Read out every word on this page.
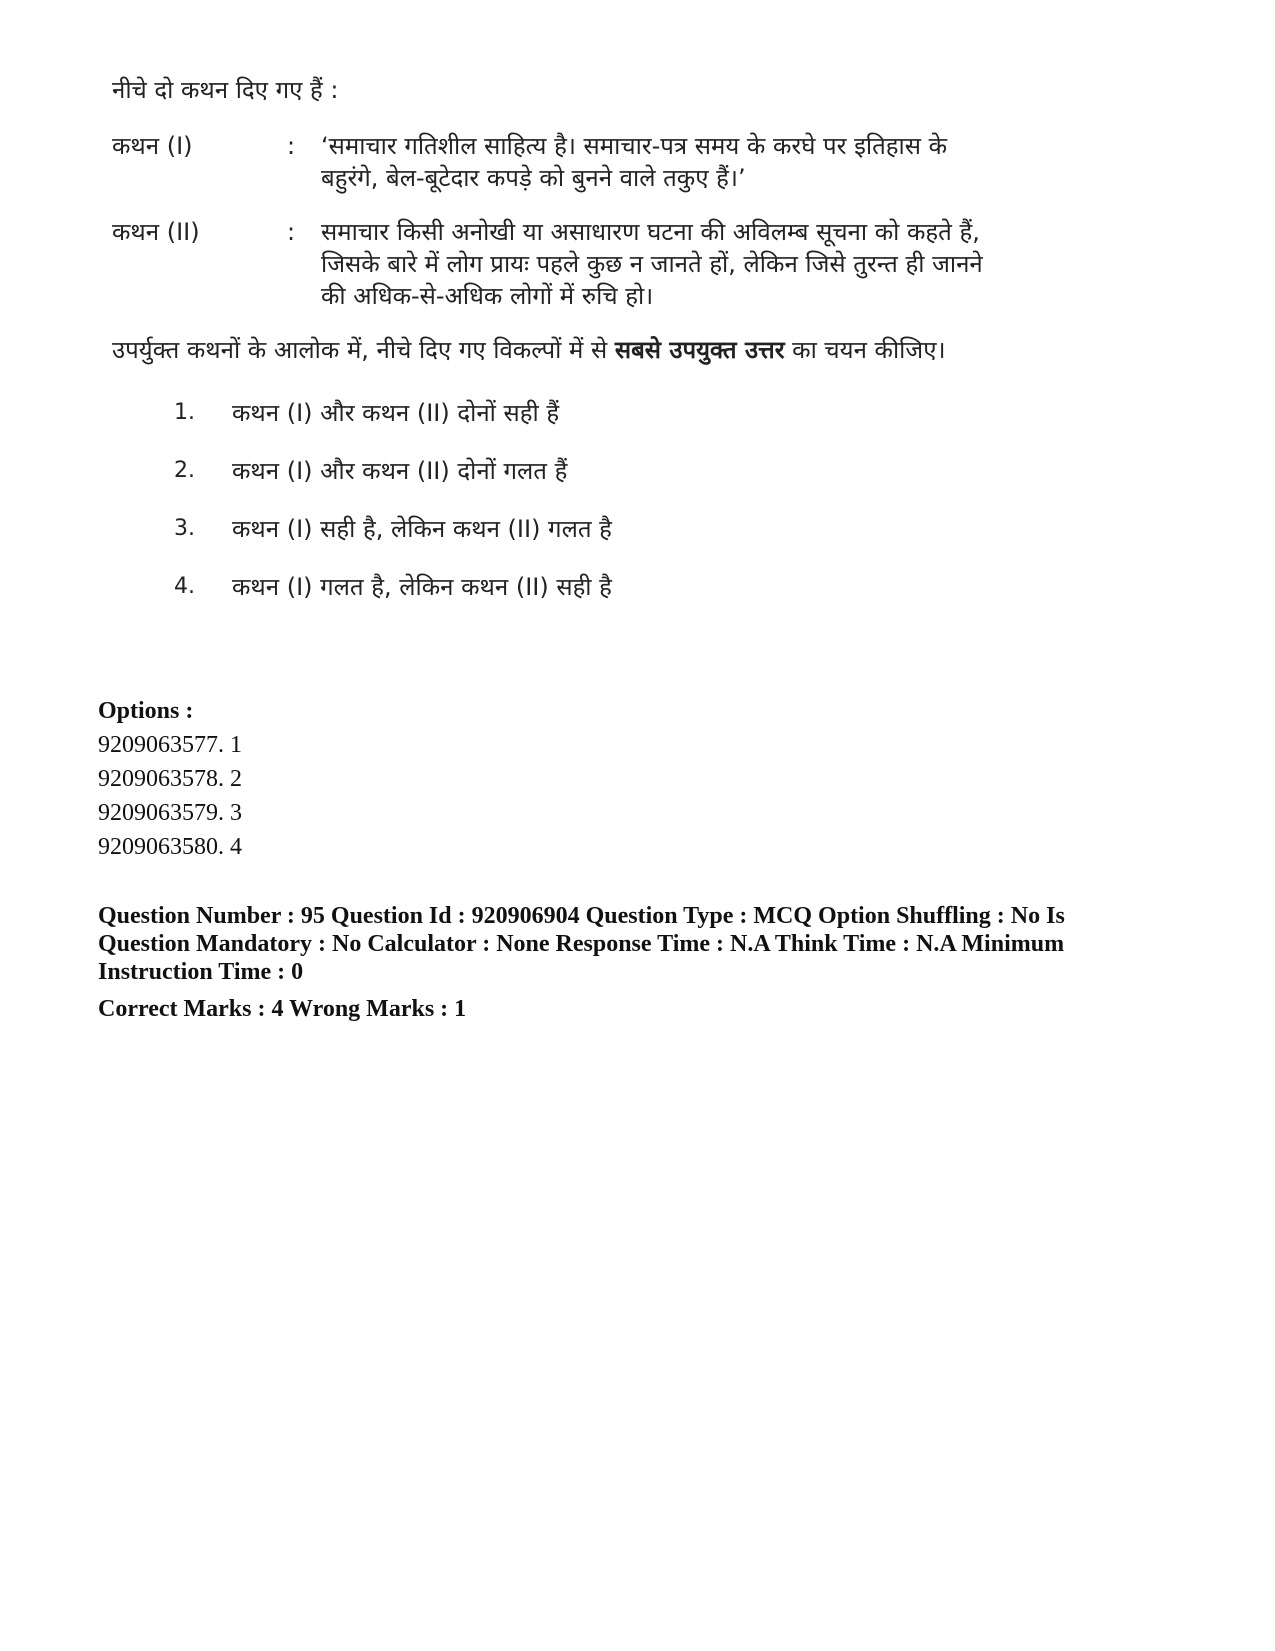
नीचे दो कथन दिए गए हैं :
कथन (I)	:	‘समाचार गतिशील साहित्य है। समाचार-पत्र समय के करघे पर इतिहास के बहुरंगे, बेल-बूटेदार कपड़े को बुनने वाले तकुए हैं।’
कथन (II)	:	समाचार किसी अनोखी या असाधारण घटना की अविलम्ब सूचना को कहते हैं, जिसके बारे में लोग प्रायः पहले कुछ न जानते हों, लेकिन जिसे तुरन्त ही जानने की अधिक-से-अधिक लोगों में रुचि हो।
उपर्युक्त कथनों के आलोक में, नीचे दिए गए विकल्पों में से सबसे उपयुक्त उत्तर का चयन कीजिए।
1.	कथन (I) और कथन (II) दोनों सही हैं
2.	कथन (I) और कथन (II) दोनों गलत हैं
3.	कथन (I) सही है, लेकिन कथन (II) गलत है
4.	कथन (I) गलत है, लेकिन कथन (II) सही है
Options :
9209063577. 1
9209063578. 2
9209063579. 3
9209063580. 4
Question Number : 95 Question Id : 920906904 Question Type : MCQ Option Shuffling : No Is Question Mandatory : No Calculator : None Response Time : N.A Think Time : N.A Minimum Instruction Time : 0
Correct Marks : 4 Wrong Marks : 1
